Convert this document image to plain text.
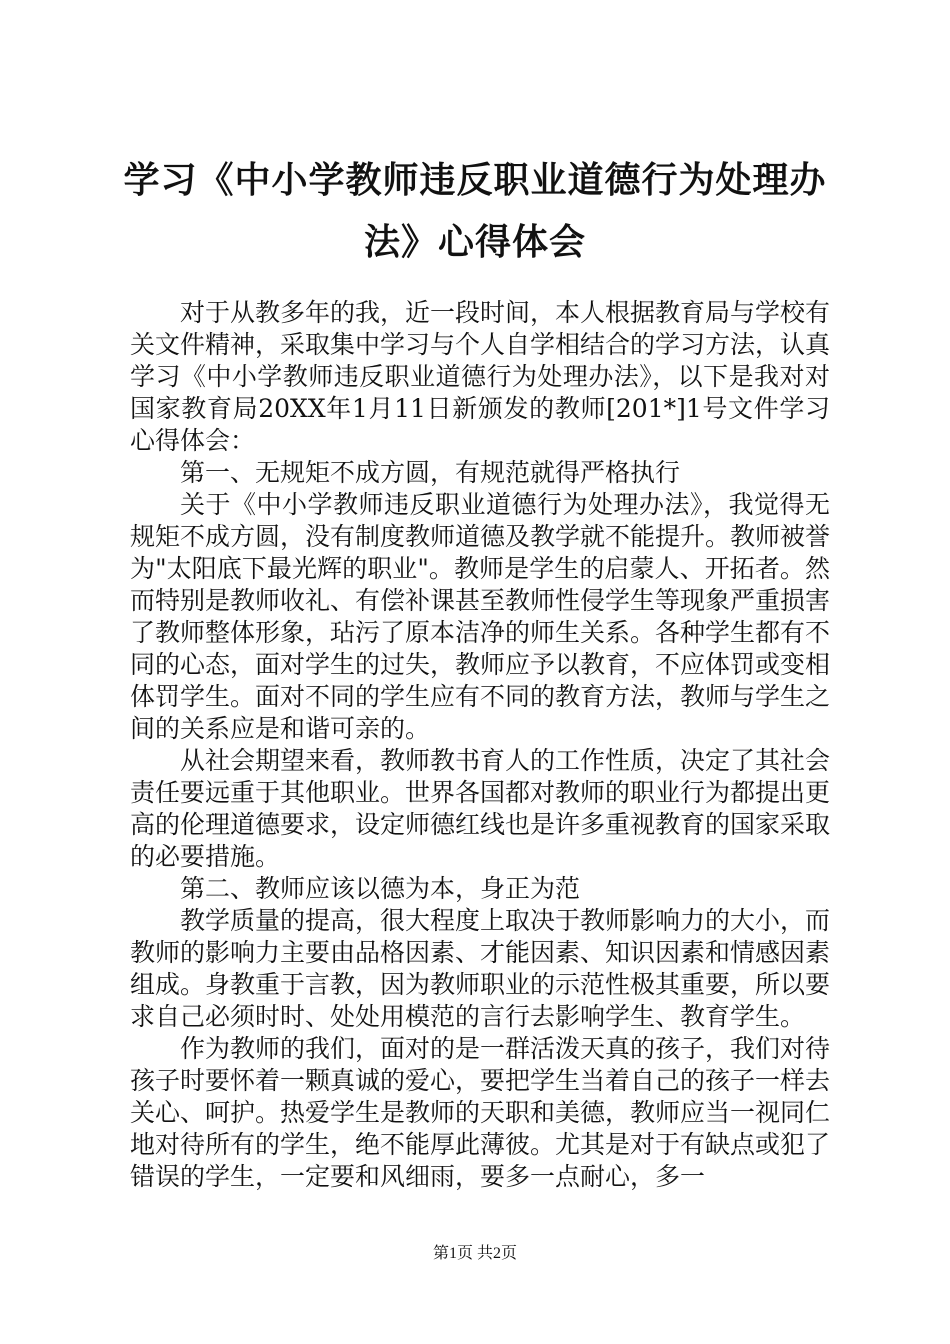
学习《中小学教师违反职业道德行为处理办
法》心得体会

对于从教多年的我，近一段时间，本人根据教育局与学校有关文件精神，采取集中学习与个人自学相结合的学习方法，认真学习《中小学教师违反职业道德行为处理办法》，以下是我对对国家教育局20XX年1月11日新颁发的教师[201*]1号文件学习心得体会：

第一、无规矩不成方圆，有规范就得严格执行

关于《中小学教师违反职业道德行为处理办法》，我觉得无规矩不成方圆，没有制度教师道德及教学就不能提升。教师被誉为"太阳底下最光辉的职业"。教师是学生的启蒙人、开拓者。然而特别是教师收礼、有偿补课甚至教师性侵学生等现象严重损害了教师整体形象，玷污了原本洁净的师生关系。各种学生都有不同的心态，面对学生的过失，教师应予以教育，不应体罚或变相体罚学生。面对不同的学生应有不同的教育方法，教师与学生之间的关系应是和谐可亲的。

从社会期望来看，教师教书育人的工作性质，决定了其社会责任要远重于其他职业。世界各国都对教师的职业行为都提出更高的伦理道德要求，设定师德红线也是许多重视教育的国家采取的必要措施。

第二、教师应该以德为本，身正为范

教学质量的提高，很大程度上取决于教师影响力的大小，而教师的影响力主要由品格因素、才能因素、知识因素和情感因素组成。身教重于言教，因为教师职业的示范性极其重要，所以要求自己必须时时、处处用模范的言行去影响学生、教育学生。

作为教师的我们，面对的是一群活泼天真的孩子，我们对待孩子时要怀着一颗真诚的爱心，要把学生当着自己的孩子一样去关心、呵护。热爱学生是教师的天职和美德，教师应当一视同仁地对待所有的学生，绝不能厚此薄彼。尤其是对于有缺点或犯了错误的学生，一定要和风细雨，要多一点耐心，多一

第1页 共2页
